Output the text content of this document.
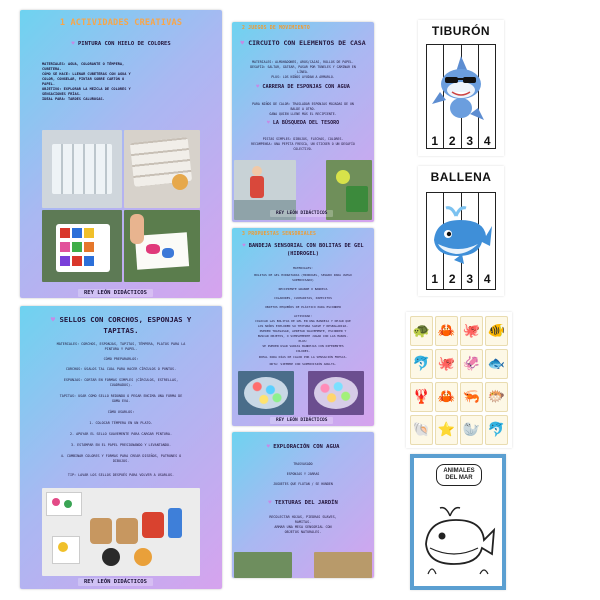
1 ACTIVIDADES CREATIVAS
♥ PINTURA CON HIELO DE COLORES
MATERIALES: AGUA, COLORANTE O TÉMPERA,
CUBETERA.
CÓMO SE HACE: LLENAR CUBETERAS CON AGUA Y
COLOR, CONGELAR, PINTAR SOBRE CARTÓN O
PAPEL.
OBJETIVO: EXPLORAR LA MEZCLA DE COLORES Y
SENSACIONES FRÍAS.
IDEAL PARA: TARDES CALUROSAS.
REY LEÓN DIDÁCTICOS
2 JUEGOS DE MOVIMIENTO
♥ CIRCUITO CON ELEMENTOS DE CASA
MATERIALES: ALMOHADONES, AROS/CAJAS, ROLLOS DE PAPEL.
DESAFÍO: SALTAR, GATEAR, PASAR POR TÚNELES Y CAMINAR EN
LÍNEA.
PLUS: LOS NIÑOS AYUDAN A ARMARLO.
♥ CARRERA DE ESPONJAS CON AGUA
PARA NIÑOS DE CALOR: TRASLADAR ESPONJAS MOJADAS DE UN
BALDE A OTRO.
GANA QUIEN LLENE MÁS EL RECIPIENTE.
♥ LA BÚSQUEDA DEL TESORO
PISTAS SIMPLES: DIBUJOS, FLECHAS, COLORES.
RECOMPENSA: UNA PEPITA FRESCA, UN STICKER O UN DESAFÍO
COLECTIVO.
REY LEÓN DIDÁCTICOS
♥ SELLOS CON CORCHOS, ESPONJAS Y TAPITAS.
MATERIALES: CORCHOS, ESPONJAS, TAPITAS, TÉMPERA, PLATOS PARA LA
PINTURA Y PAPEL.
CÓMO PREPARARLOS:
CORCHOS: ÚSALOS TAL CUAL PARA HACER CÍRCULOS O PUNTOS.
ESPONJAS: CORTAR EN FORMAS SIMPLES (CÍRCULOS, ESTRELLAS,
CUADRADOS).
TAPITAS: USAR COMO SELLO REDONDO O PEGAR ENCIMA UNA FORMA DE
GOMA EVA.
CÓMO USARLOS:
1. COLOCAR TÉMPERA EN UN PLATO.
2. APOYAR EL SELLO SUAVEMENTE PARA CARGAR PINTURA.
3. ESTAMPAR EN EL PAPEL PRESIONANDO Y LEVANTANDO.
4. COMBINAR COLORES Y FORMAS PARA CREAR DISEÑOS, PATRONES O
DIBUJOS.
TIP: LAVAR LOS SELLOS DESPUÉS PARA VOLVER A USARLOS.
REY LEÓN DIDÁCTICOS
3 PROPUESTAS SENSORIALES
♥ BANDEJA SENSORIAL CON BOLITAS DE GEL (HIDROGEL)
MATERIALES:
BOLITAS DE GEL HIDRATADAS (HIDROGEL, SEGURO PARA JUEGO
SUPERVISADO)
RECIPIENTE GRANDE O BANDEJA
COLADORES, CUCHARITAS, PAPECITOS
OBJETOS PEQUEÑOS DE PLÁSTICO PARA ESCONDER
ACTIVIDAD:
COLOCAR LAS BOLITAS DE GEL EN UNA BANDEJA Y DEJAR QUE
LOS NIÑOS EXPLOREN SU TEXTURA SUAVE Y RESBALADIZA.
PUEDEN TRASVASAR, APRETAR SUAVEMENTE, ESCONDER Y
BUSCAR OBJETOS, O SIMPLEMENTE JUGAR CON LAS MANOS.
PLUS:
SE PUEDEN USAR VARIAS BANDEJAS CON DIFERENTES
COLORES.
IDEAL PARA DÍAS DE CALOR POR LA SENSACIÓN FRESCA.
NOTA: SIEMPRE CON SUPERVISIÓN ADULTA.
REY LEÓN DIDÁCTICOS
♥ EXPLORACIÓN CON AGUA
TRASVASADO
ESPONJAS Y JARRAS
JUGUETES QUE FLOTAN / SE HUNDEN
♥ TEXTURAS DEL JARDÍN
RECOLECTAR HOJAS, PIEDRAS SUAVES,
RAMITAS.
ARMAR UNA MESA SENSORIAL CON
OBJETOS NATURALES.
TIBURÓN
1 2 3 4
BALLENA
1 2 3 4
🐢 🦀 🐙 🐠
🐬 🐙 🦑 🐟
🦞 🦀 🦐 🐡
🐚 ⭐ 🦭 🐬
ANIMALES DEL MAR
